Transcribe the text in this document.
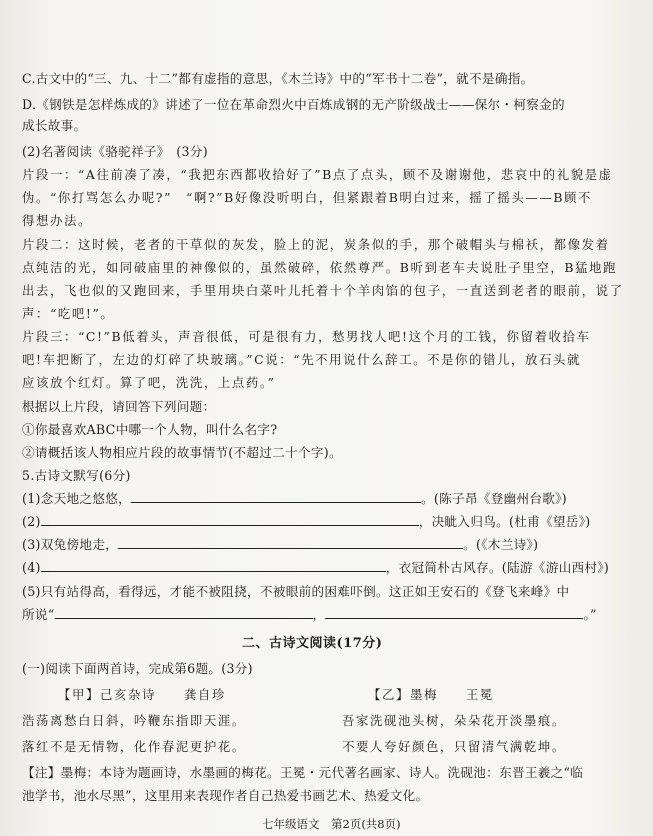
C.古文中的“三、九、十二”都有虚指的意思，《木兰诗》中的“军书十二卷”，就不是确指。
D.《钢铁是怎样炼成的》讲述了一位在革命烈火中百炼成钢的无产阶级战士——保尔・柯察金的
成长故事。
(2)名著阅读《骆驼祥子》　(3分)
片段一：“A往前凑了凑，“我把东西都收拾好了”B点了点头，顾不及谢谢他，悲哀中的礼貌是虚
伪。“你打骂怎么办呢?”　“啊?”B好像没听明白，但紧跟着B明白过来，摇了摇头——B顾不
得想办法。
片段二：这时候，老者的干草似的灰发，脸上的泥，炭条似的手，那个破帽头与棉袄，都像发着
点纯洁的光，如同破庙里的神像似的，虽然破碎，依然尊严。B听到老车夫说肚子里空，B猛地跑
出去，飞也似的又跑回来，手里用块白菜叶儿托着十个羊肉馅的包子，一直送到老者的眼前，说了
声：“吃吧!”。
片段三：“C!”B低着头，声音很低，可是很有力，愁男找人吧!这个月的工钱，你留着收拾车
吧!车把断了，左边的灯碎了块玻璃。”C说：“先不用说什么辞工。不是你的错儿，放石头就
应该放个红灯。算了吧，洗洗，上点药。”
根据以上片段，请回答下列问题：
①你最喜欢ABC中哪一个人物，叫什么名字?
②请概括该人物相应片段的故事情节(不超过二十个字)。
5.古诗文默写(6分)
(1)念天地之悠悠，	。(陈子昂《登幽州台歌》)
(2)	，决眦入归鸟。(杜甫《望岳》)
(3)双兔傍地走，	。(《木兰诗》)
(4)	，衣冠简朴古风存。(陆游《游山西村》)
(5)只有站得高，看得远，才能不被阻挠，不被眼前的困难吓倒。这正如王安石的《登飞来峰》中
所说“	，	。”
二、古诗文阅读(17分)
(一)阅读下面两首诗，完成第6题。(3分)
【甲】己亥杂诗　　龚自珍	【乙】墨梅　　王冕
浩荡离愁白日斜，吟鞭东指即天涯。	吾家洗砚池头树，朵朵花开淡墨痕。
落红不是无情物，化作春泥更护花。	不要人夸好颜色，只留清气满乾坤。
【注】墨梅：本诗为题画诗，水墨画的梅花。王冕・元代著名画家、诗人。洗砚池：东晋王羲之“临
池学书，池水尽黑”，这里用来表现作者自己热爱书画艺术、热爱文化。
七年级语文　第2页(共8页)
